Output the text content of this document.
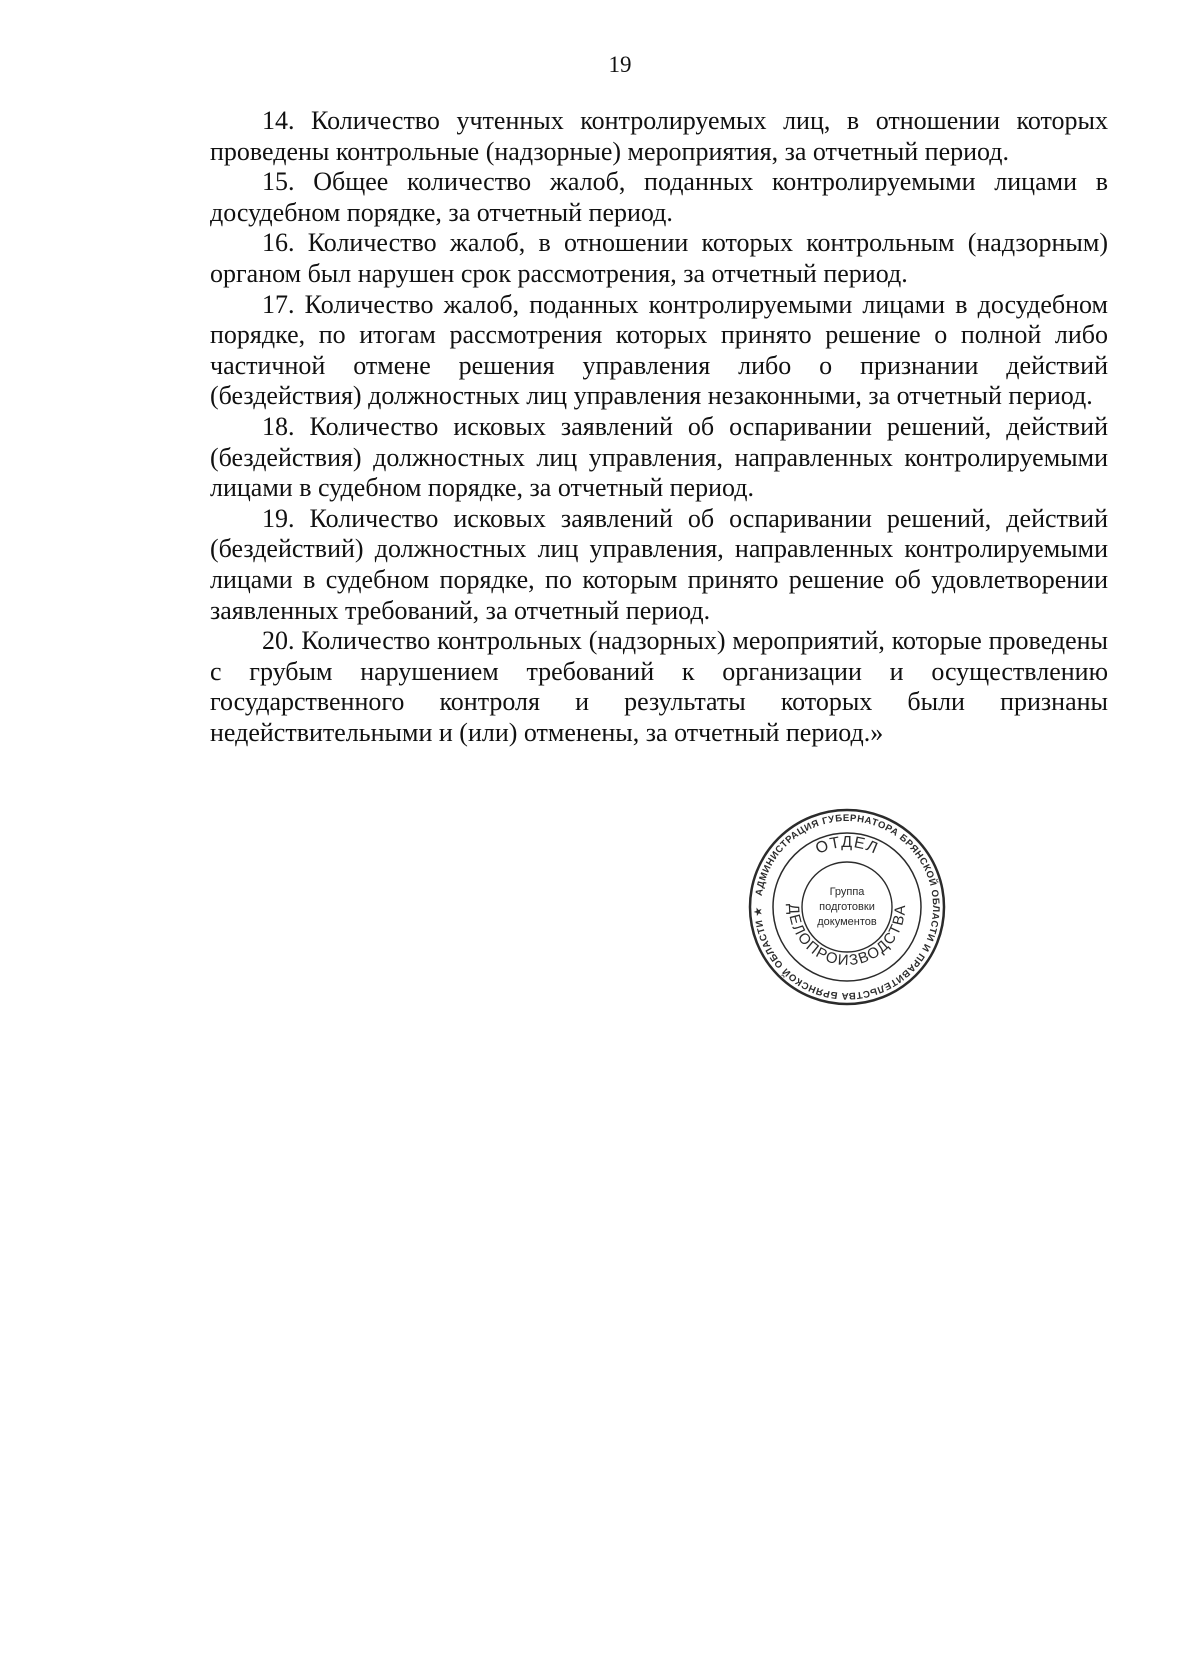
19

14. Количество учтенных контролируемых лиц, в отношении которых проведены контрольные (надзорные) мероприятия, за отчетный период.

15. Общее количество жалоб, поданных контролируемыми лицами в досудебном порядке, за отчетный период.

16. Количество жалоб, в отношении которых контрольным (надзорным) органом был нарушен срок рассмотрения, за отчетный период.

17. Количество жалоб, поданных контролируемыми лицами в досудебном порядке, по итогам рассмотрения которых принято решение о полной либо частичной отмене решения управления либо о признании действий (бездействия) должностных лиц управления незаконными, за отчетный период.

18. Количество исковых заявлений об оспаривании решений, действий (бездействия) должностных лиц управления, направленных контролируемыми лицами в судебном порядке, за отчетный период.

19. Количество исковых заявлений об оспаривании решений, действий (бездействий) должностных лиц управления, направленных контролируемыми лицами в судебном порядке, по которым принято решение об удовлетворении заявленных требований, за отчетный период.

20. Количество контрольных (надзорных) мероприятий, которые проведены с грубым нарушением требований к организации и осуществлению государственного контроля и результаты которых были признаны недействительными и (или) отменены, за отчетный период.»

АДМИНИСТРАЦИЯ ГУБЕРНАТОРА БРЯНСКОЙ ОБЛАСТИ И ПРАВИТЕЛЬСТВА БРЯНСКОЙ ОБЛАСТИ ★
ОТДЕЛ
ДЕЛОПРОИЗВОДСТВА
Группа
подготовки
документов
